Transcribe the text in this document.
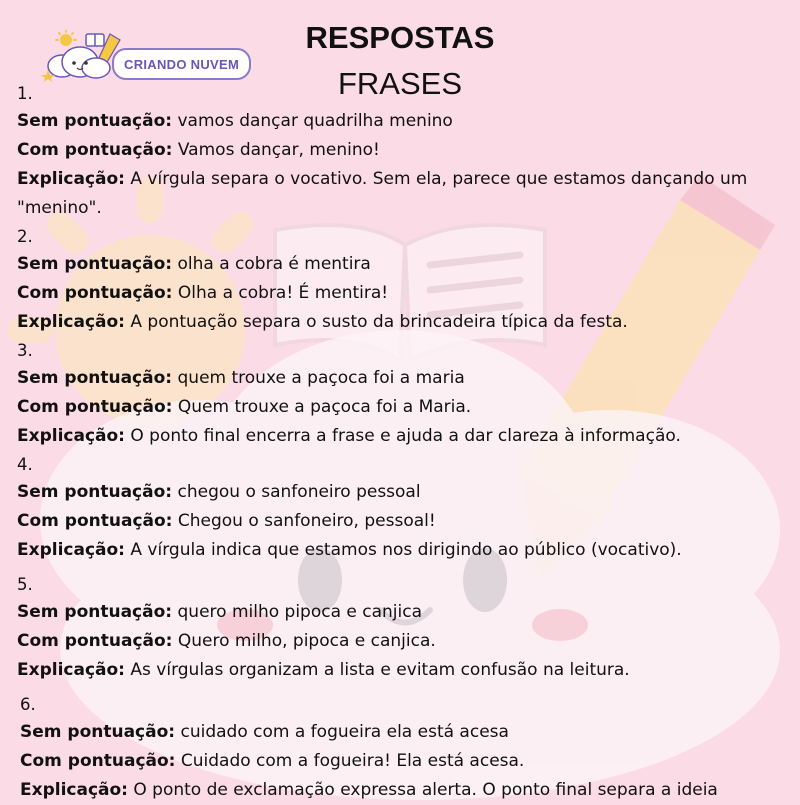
CRIANDO NUVEM
RESPOSTAS
FRASES
1.
Sem pontuação: vamos dançar quadrilha menino
Com pontuação: Vamos dançar, menino!
Explicação: A vírgula separa o vocativo. Sem ela, parece que estamos dançando um "menino".
2.
Sem pontuação: olha a cobra é mentira
Com pontuação: Olha a cobra! É mentira!
Explicação: A pontuação separa o susto da brincadeira típica da festa.
3.
Sem pontuação: quem trouxe a paçoca foi a maria
Com pontuação: Quem trouxe a paçoca foi a Maria.
Explicação: O ponto final encerra a frase e ajuda a dar clareza à informação.
4.
Sem pontuação: chegou o sanfoneiro pessoal
Com pontuação: Chegou o sanfoneiro, pessoal!
Explicação: A vírgula indica que estamos nos dirigindo ao público (vocativo).
5.
Sem pontuação: quero milho pipoca e canjica
Com pontuação: Quero milho, pipoca e canjica.
Explicação: As vírgulas organizam a lista e evitam confusão na leitura.
6.
Sem pontuação: cuidado com a fogueira ela está acesa
Com pontuação: Cuidado com a fogueira! Ela está acesa.
Explicação: O ponto de exclamação expressa alerta. O ponto final separa a ideia
